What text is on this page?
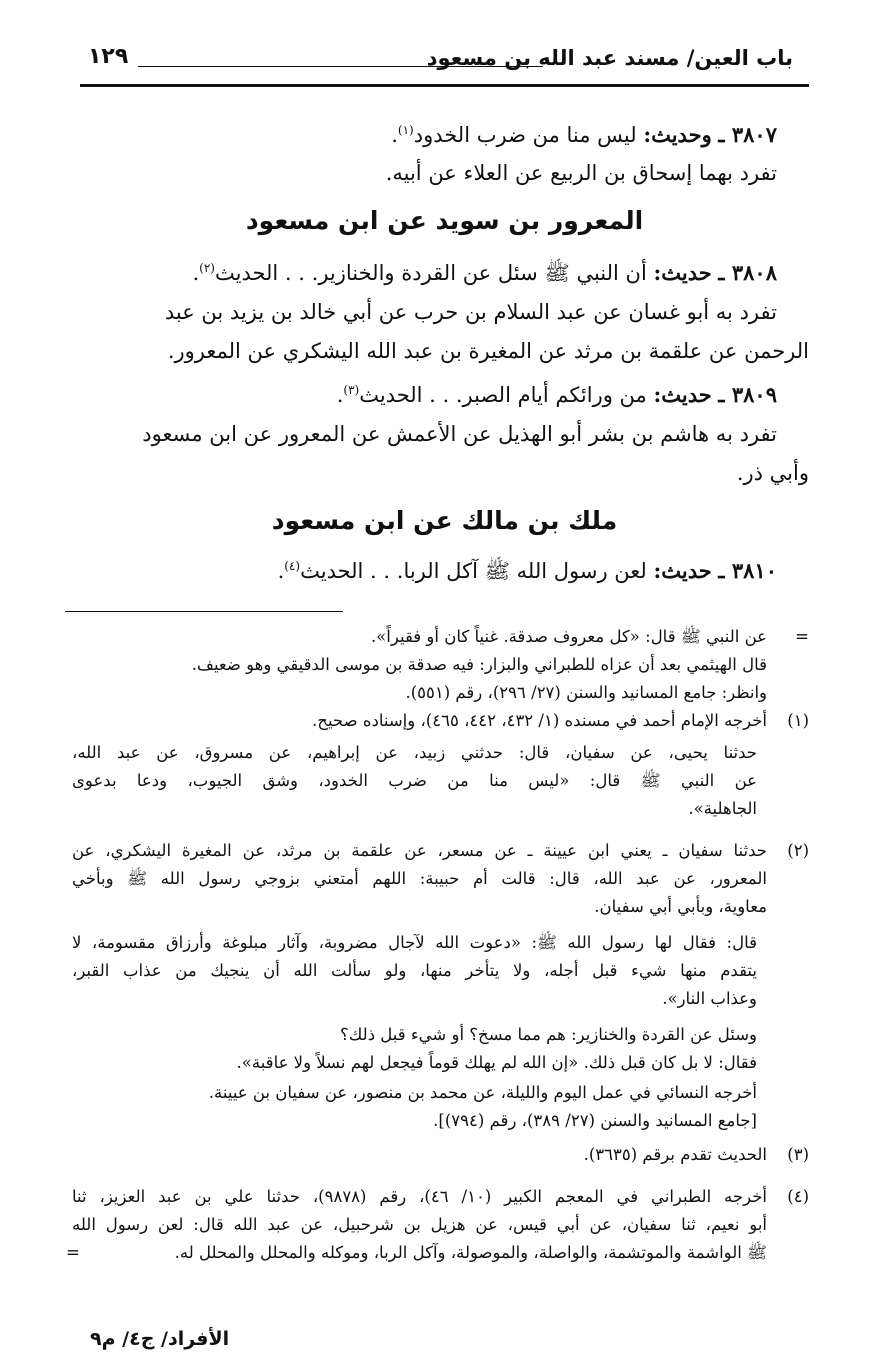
باب العين/ مسند عبد الله بن مسعود
١٢٩
٣٨٠٧ ـ وحديث: ليس منا من ضرب الخدود$^{(١)}$.
تفرد بهما إسحاق بن الربيع عن العلاء عن أبيه.
المعرور بن سويد عن ابن مسعود
٣٨٠٨ ـ حديث: أن النبي ﷺ سئل عن القردة والخنازير. . . الحديث$^{(٢)}$.
تفرد به أبو غسان عن عبد السلام بن حرب عن أبي خالد بن يزيد بن عبد
الرحمن عن علقمة بن مرثد عن المغيرة بن عبد الله اليشكري عن المعرور.
٣٨٠٩ ـ حديث: من ورائكم أيام الصبر. . . الحديث$^{(٣)}$.
تفرد به هاشم بن بشر أبو الهذيل عن الأعمش عن المعرور عن ابن مسعود
وأبي ذر.
ملك بن مالك عن ابن مسعود
٣٨١٠ ـ حديث: لعن رسول الله ﷺ آكل الربا. . . الحديث$^{(٤)}$.
=
عن النبي ﷺ قال: «كل معروف صدقة. غنياً كان أو فقيراً».
قال الهيثمي بعد أن عزاه للطبراني والبزار: فيه صدقة بن موسى الدقيقي وهو ضعيف.
وانظر: جامع المسانيد والسنن (٢٧/ ٢٩٦)، رقم (٥٥١).
(١)
أخرجه الإمام أحمد في مسنده (١/ ٤٣٢، ٤٤٢، ٤٦٥)، وإسناده صحيح.
حدثنا يحيى، عن سفيان، قال: حدثني زبيد، عن إبراهيم، عن مسروق، عن عبد الله،
عن النبي ﷺ قال: «ليس منا من ضرب الخدود، وشق الجيوب، ودعا بدعوى
الجاهلية».
(٢)
حدثنا سفيان ـ يعني ابن عيينة ـ عن مسعر، عن علقمة بن مرثد، عن المغيرة اليشكري، عن
المعرور، عن عبد الله، قال: قالت أم حبيبة: اللهم أمتعني بزوجي رسول الله ﷺ وبأخي
معاوية، وبأبي أبي سفيان.
قال: فقال لها رسول الله ﷺ: «دعوت الله لآجال مضروبة، وآثار مبلوغة وأرزاق مقسومة، لا
يتقدم منها شيء قبل أجله، ولا يتأخر منها، ولو سألت الله أن ينجيك من عذاب القبر،
وعذاب النار».
وسئل عن القردة والخنازير: هم مما مسخ؟ أو شيء قبل ذلك؟
فقال: لا بل كان قبل ذلك. «إن الله لم يهلك قوماً فيجعل لهم نسلاً ولا عاقبة».
أخرجه النسائي في عمل اليوم والليلة، عن محمد بن منصور، عن سفيان بن عيينة.
[جامع المسانيد والسنن (٢٧/ ٣٨٩)، رقم (٧٩٤)].
(٣)
الحديث تقدم برقم (٣٦٣٥).
(٤)
أخرجه الطبراني في المعجم الكبير (١٠/ ٤٦)، رقم (٩٨٧٨)، حدثنا علي بن عبد العزيز، ثنا
أبو نعيم، ثنا سفيان، عن أبي قيس، عن هزيل بن شرحبيل، عن عبد الله قال: لعن رسول الله
ﷺ الواشمة والموتشمة، والواصلة، والموصولة، وآكل الربا، وموكله والمحلل والمحلل له.
=
الأفراد/ ج٤/ م٩
